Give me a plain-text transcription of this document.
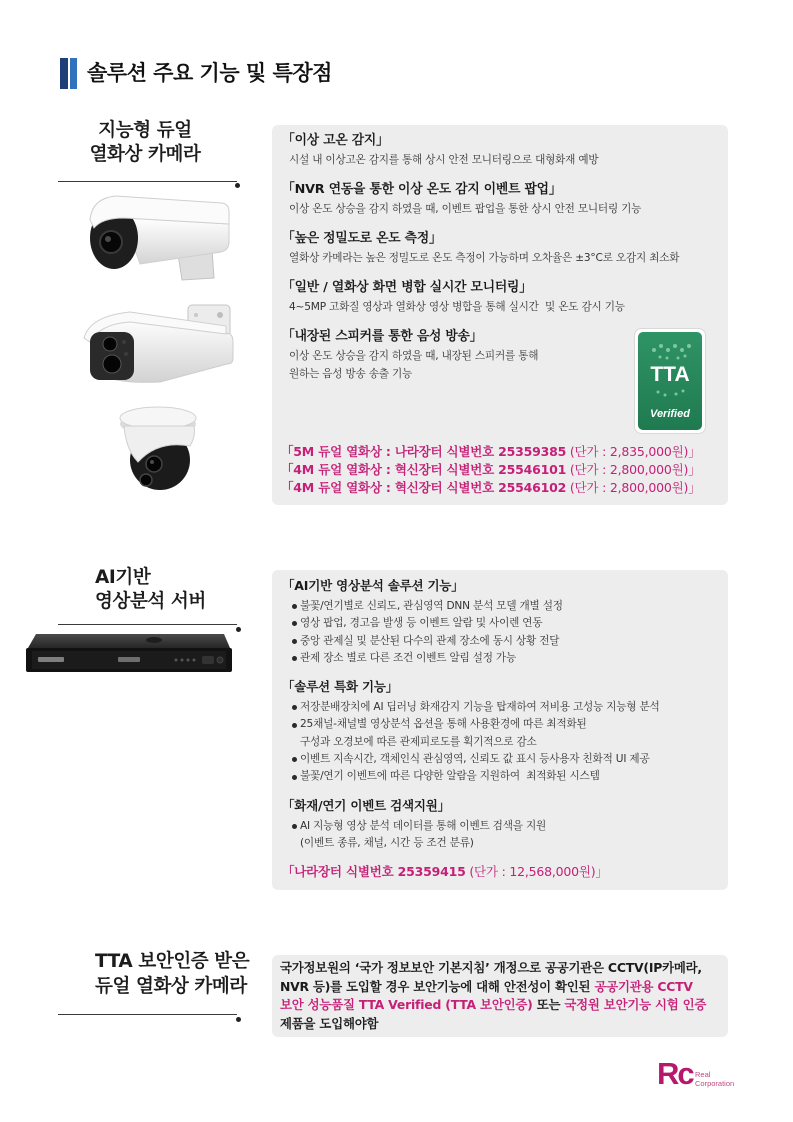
솔루션 주요 기능 및 특장점
지능형 듀얼
열화상 카메라
「이상 고온 감지」
시설 내 이상고온 감지를 통해 상시 안전 모니터링으로 대형화재 예방
「NVR 연동을 통한 이상 온도 감지 이벤트 팝업」
이상 온도 상승을 감지 하였을 때, 이벤트 팝업을 통한 상시 안전 모니터링 기능
「높은 정밀도로 온도 측정」
열화상 카메라는 높은 정밀도로 온도 측정이 가능하며 오차율은 ±3°C로 오감지 최소화
「일반 / 열화상 화면 병합 실시간 모니터링」
4~5MP 고화질 영상과 열화상 영상 병합을 통해 실시간  및 온도 감시 기능
「내장된 스피커를 통한 음성 방송」
이상 온도 상승을 감지 하였을 때, 내장된 스피커를 통해
원하는 음성 방송 송출 기능	TTA
Verified
「5M 듀얼 열화상 : 나라장터 식별번호 25359385 (단가 : 2,835,000원)」
「4M 듀얼 열화상 : 혁신장터 식별번호 25546101 (단가 : 2,800,000원)」
「4M 듀얼 열화상 : 혁신장터 식별번호 25546102 (단가 : 2,800,000원)」
AI기반
영상분석 서버
「AI기반 영상분석 솔루션 기능」
불꽃/연기별로 신뢰도, 관심영역 DNN 분석 모델 개별 설정
영상 팝업, 경고음 발생 등 이벤트 알람 및 사이렌 연동
중앙 관제실 및 분산된 다수의 관제 장소에 동시 상황 전달
관제 장소 별로 다른 조건 이벤트 알림 설정 가능
「솔루션 특화 기능」
저장분배장치에 AI 딥러닝 화재감지 기능을 탑재하여 저비용 고성능 지능형 분석
25채널-채널별 영상분석 옵션을 통해 사용환경에 따른 최적화된
구성과 오경보에 따른 관제피로도를 획기적으로 감소
이벤트 지속시간, 객체인식 관심영역, 신뢰도 값 표시 등사용자 친화적 UI 제공
불꽃/연기 이벤트에 따른 다양한 알람을 지원하여  최적화된 시스템
「화재/연기 이벤트 검색지원」
AI 지능형 영상 분석 데이터를 통해 이벤트 검색을 지원
(이벤트 종류, 채널, 시간 등 조건 분류)
「나라장터 식별번호 25359415 (단가 : 12,568,000원)」
TTA 보안인증 받은
듀얼 열화상 카메라
국가정보원의 ‘국가 정보보안 기본지침’ 개정으로 공공기관은 CCTV(IP카메라,
NVR 등)를 도입할 경우 보안기능에 대해 안전성이 확인된 공공기관용 CCTV
보안 성능품질 TTA Verified (TTA 보안인증) 또는 국정원 보안기능 시험 인증
제품을 도입해야함
Rc Real
Corporation
